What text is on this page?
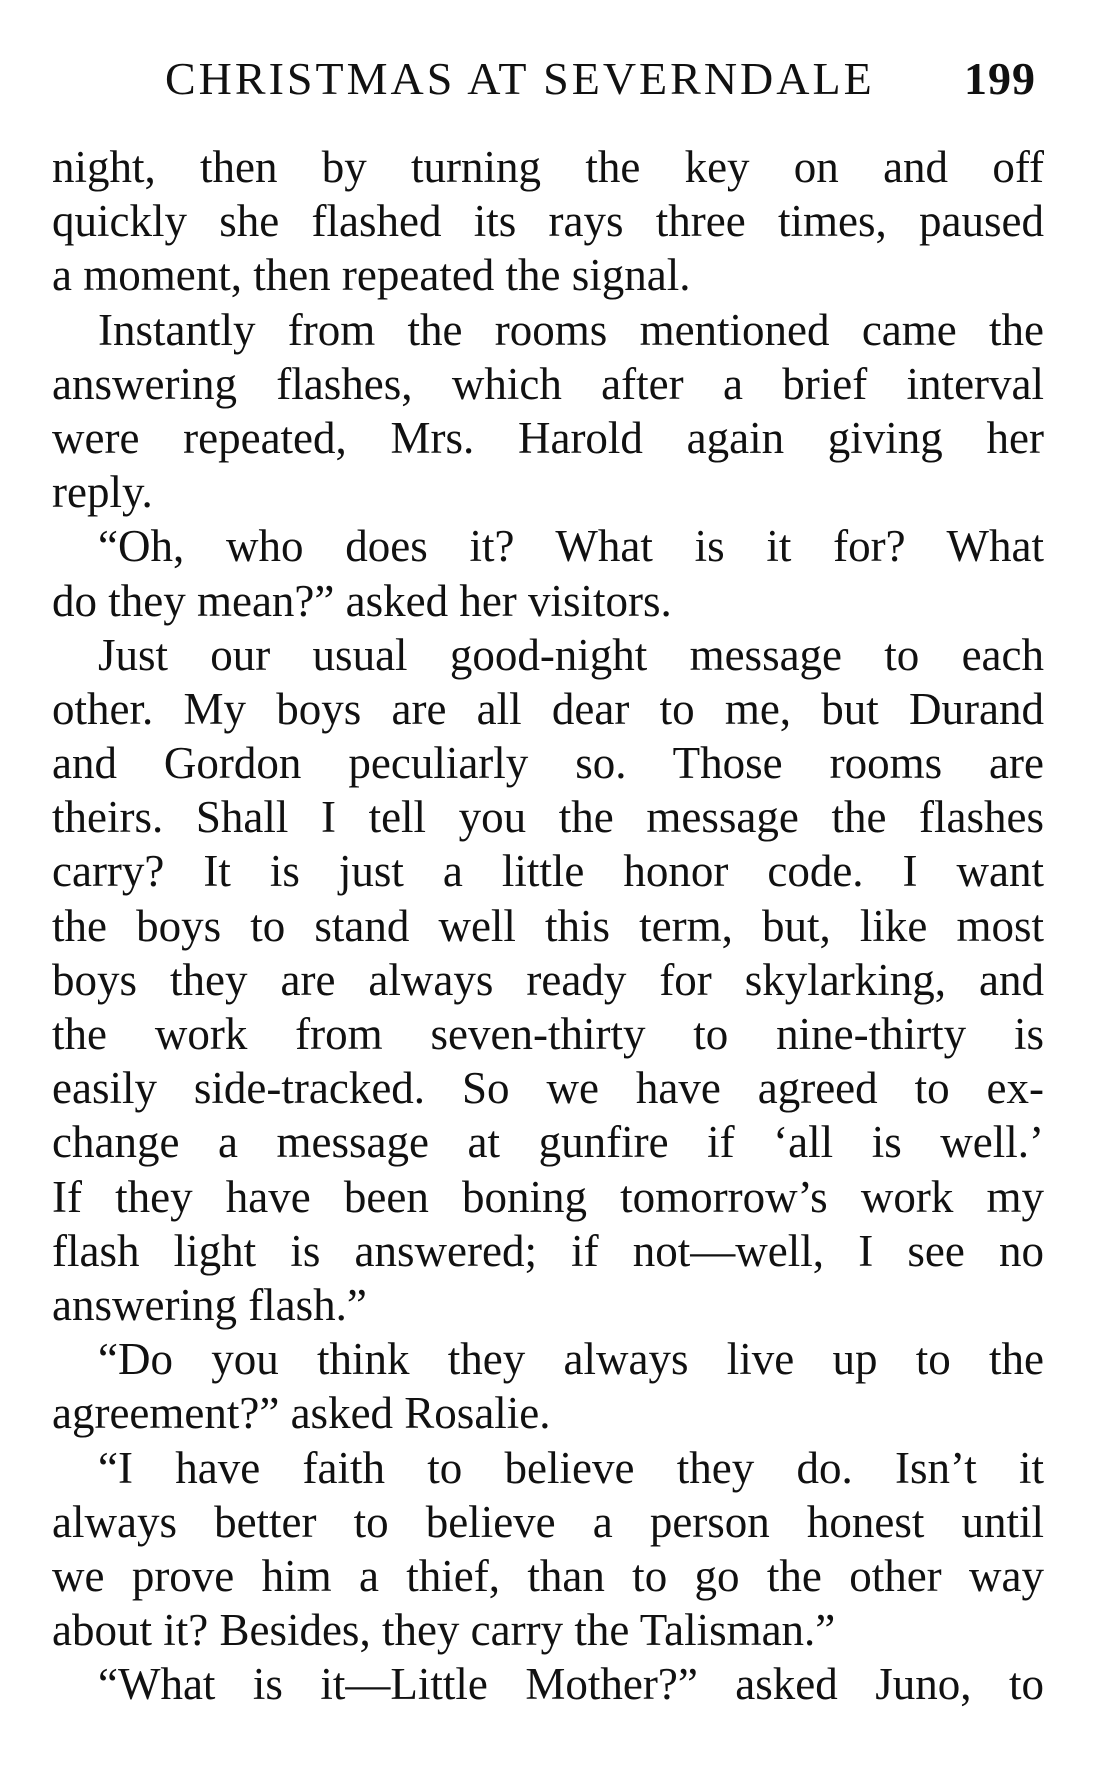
CHRISTMAS AT SEVERNDALE 199
night, then by turning the key on and off
quickly she flashed its rays three times, paused
a moment, then repeated the signal.
Instantly from the rooms mentioned came the
answering flashes, which after a brief interval
were repeated, Mrs. Harold again giving her
reply.
“Oh, who does it? What is it for? What
do they mean?” asked her visitors.
Just our usual good-night message to each
other. My boys are all dear to me, but Durand
and Gordon peculiarly so. Those rooms are
theirs. Shall I tell you the message the flashes
carry? It is just a little honor code. I want
the boys to stand well this term, but, like most
boys they are always ready for skylarking, and
the work from seven-thirty to nine-thirty is
easily side-tracked. So we have agreed to ex-
change a message at gunfire if ‘all is well.’
If they have been boning tomorrow’s work my
flash light is answered; if not—well, I see no
answering flash.”
“Do you think they always live up to the
agreement?” asked Rosalie.
“I have faith to believe they do. Isn’t it
always better to believe a person honest until
we prove him a thief, than to go the other way
about it? Besides, they carry the Talisman.”
“What is it—Little Mother?” asked Juno, to
